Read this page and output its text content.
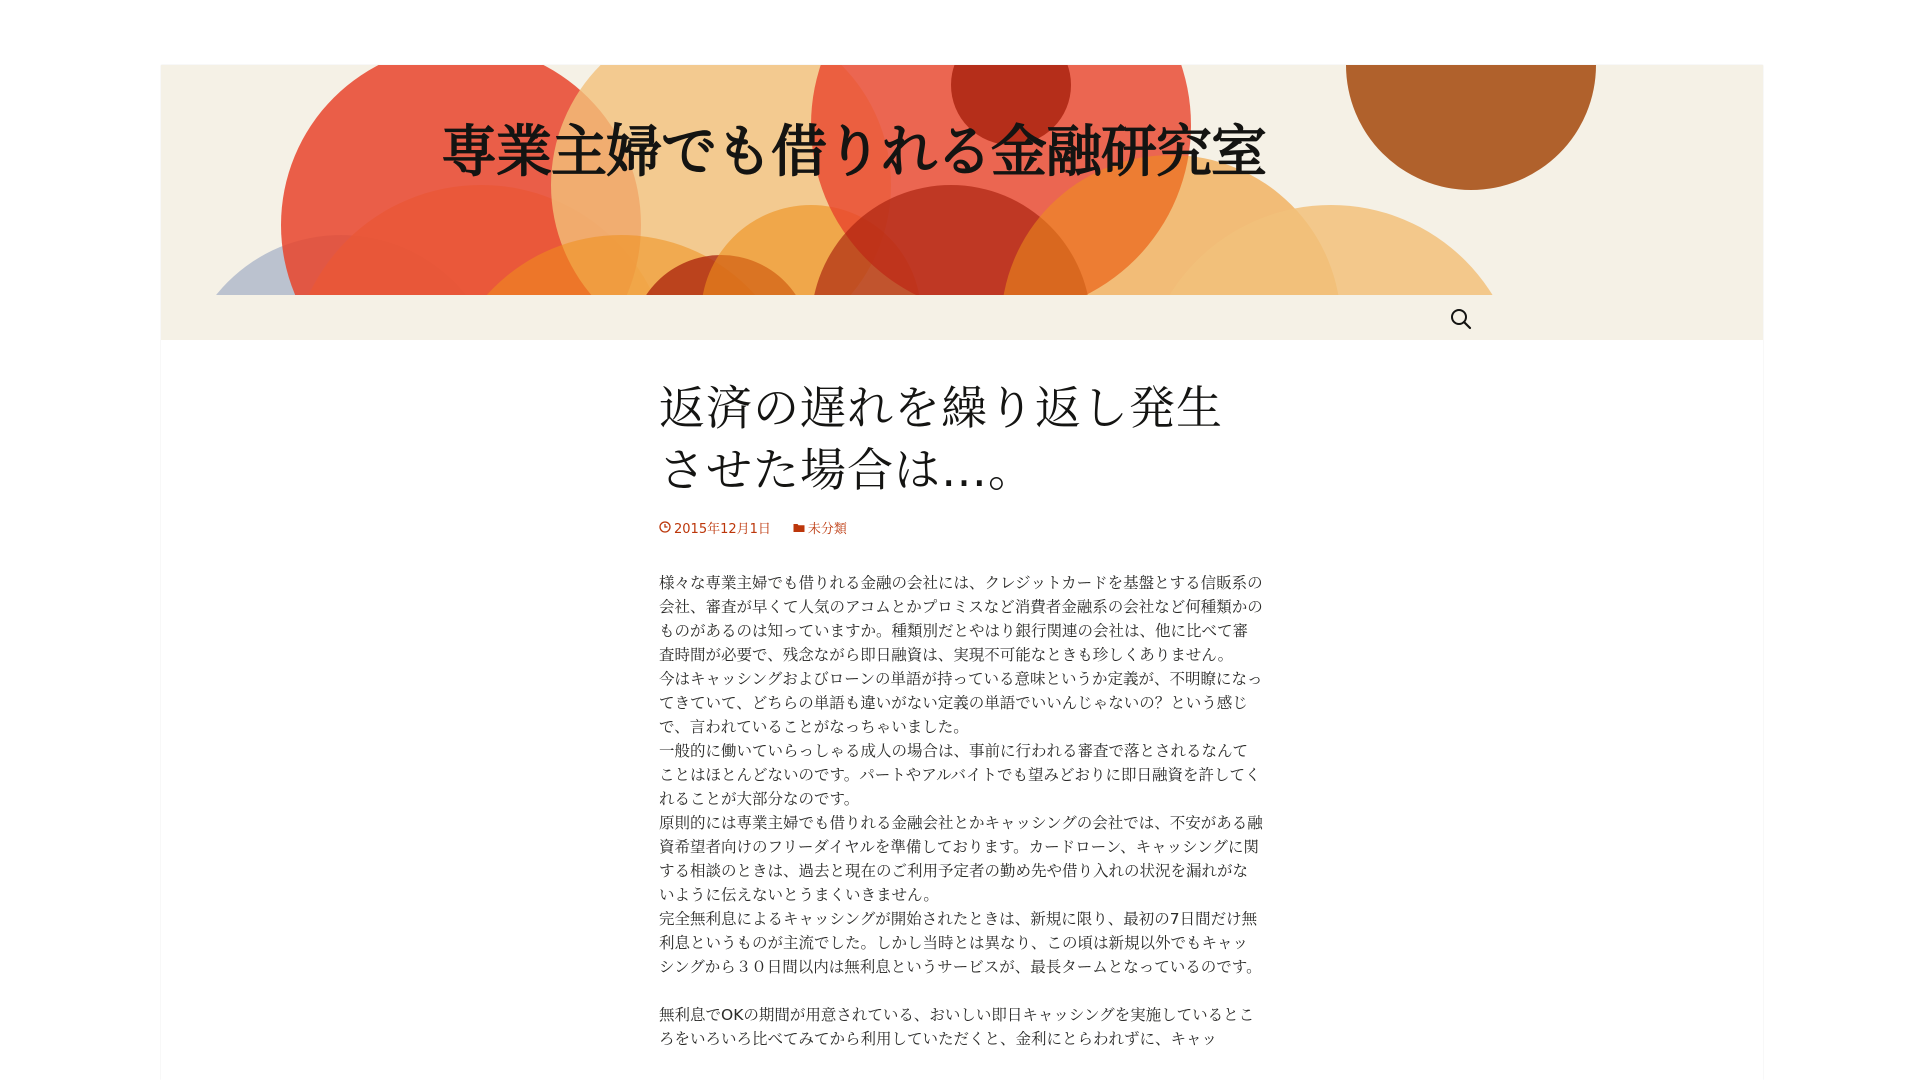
専業主婦でも借りれる金融研究室
返済の遅れを繰り返し発生させた場合は…。
2015年12月1日	未分類

様々な専業主婦でも借りれる金融の会社には、クレジットカードを基盤とする信販系の会社、審査が早くて人気のアコムとかプロミスなど消費者金融系の会社など何種類かのものがあるのは知っていますか。種類別だとやはり銀行関連の会社は、他に比べて審査時間が必要で、残念ながら即日融資は、実現不可能なときも珍しくありません。

今はキャッシングおよびローンの単語が持っている意味というか定義が、不明瞭になってきていて、どちらの単語も違いがない定義の単語でいいんじゃないの？という感じで、言われていることがなっちゃいました。

一般的に働いていらっしゃる成人の場合は、事前に行われる審査で落とされるなんてことはほとんどないのです。パートやアルバイトでも望みどおりに即日融資を許してくれることが大部分なのです。

原則的には専業主婦でも借りれる金融会社とかキャッシングの会社では、不安がある融資希望者向けのフリーダイヤルを準備しております。カードローン、キャッシングに関する相談のときは、過去と現在のご利用予定者の勤め先や借り入れの状況を漏れがないように伝えないとうまくいきません。

完全無利息によるキャッシングが開始されたときは、新規に限り、最初の7日間だけ無利息というものが主流でした。しかし当時とは異なり、この頃は新規以外でもキャッシングから３０日間以内は無利息というサービスが、最長タームとなっているのです。

無利息でOKの期間が用意されている、おいしい即日キャッシングを実施しているところをいろいろ比べてみてから利用していただくと、金利にとらわれずに、キャッ
